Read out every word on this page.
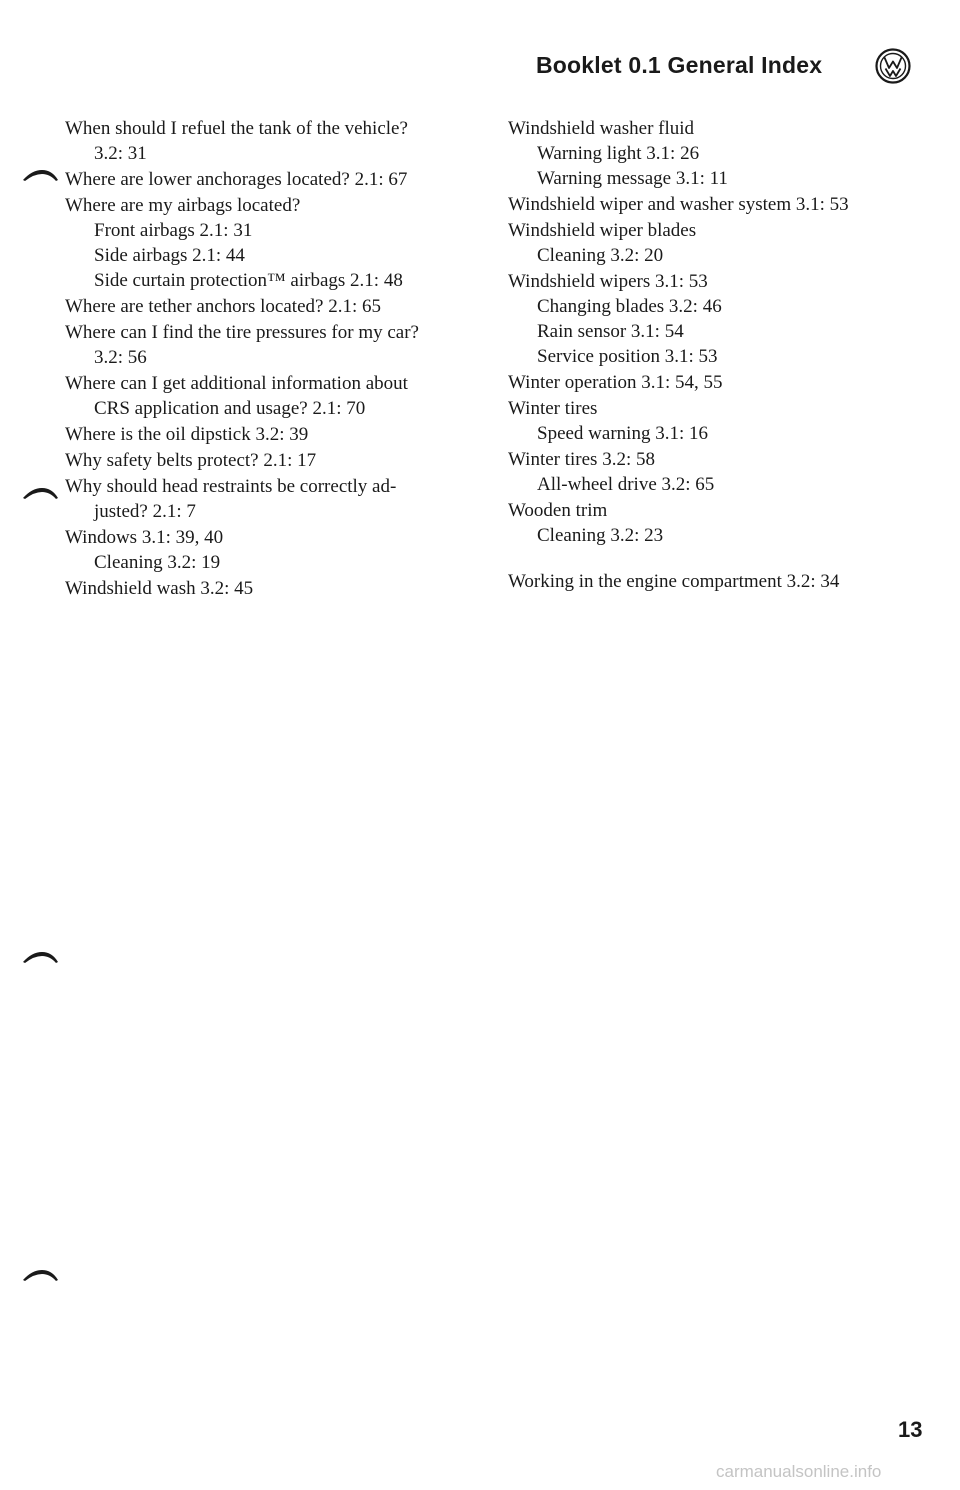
Booklet 0.1 General Index
When should I refuel the tank of the vehicle?
3.2: 31
Where are lower anchorages located? 2.1: 67
Where are my airbags located?
Front airbags 2.1: 31
Side airbags 2.1: 44
Side curtain protection™ airbags 2.1: 48
Where are tether anchors located? 2.1: 65
Where can I find the tire pressures for my car?
3.2: 56
Where can I get additional information about
CRS application and usage? 2.1: 70
Where is the oil dipstick 3.2: 39
Why safety belts protect? 2.1: 17
Why should head restraints be correctly ad-
justed? 2.1: 7
Windows 3.1: 39, 40
Cleaning 3.2: 19
Windshield wash 3.2: 45
Windshield washer fluid
Warning light 3.1: 26
Warning message 3.1: 11
Windshield wiper and washer system 3.1: 53
Windshield wiper blades
Cleaning 3.2: 20
Windshield wipers 3.1: 53
Changing blades 3.2: 46
Rain sensor 3.1: 54
Service position 3.1: 53
Winter operation 3.1: 54, 55
Winter tires
Speed warning 3.1: 16
Winter tires 3.2: 58
All-wheel drive 3.2: 65
Wooden trim
Cleaning 3.2: 23
Working in the engine compartment 3.2: 34
13
carmanualsonline.info
